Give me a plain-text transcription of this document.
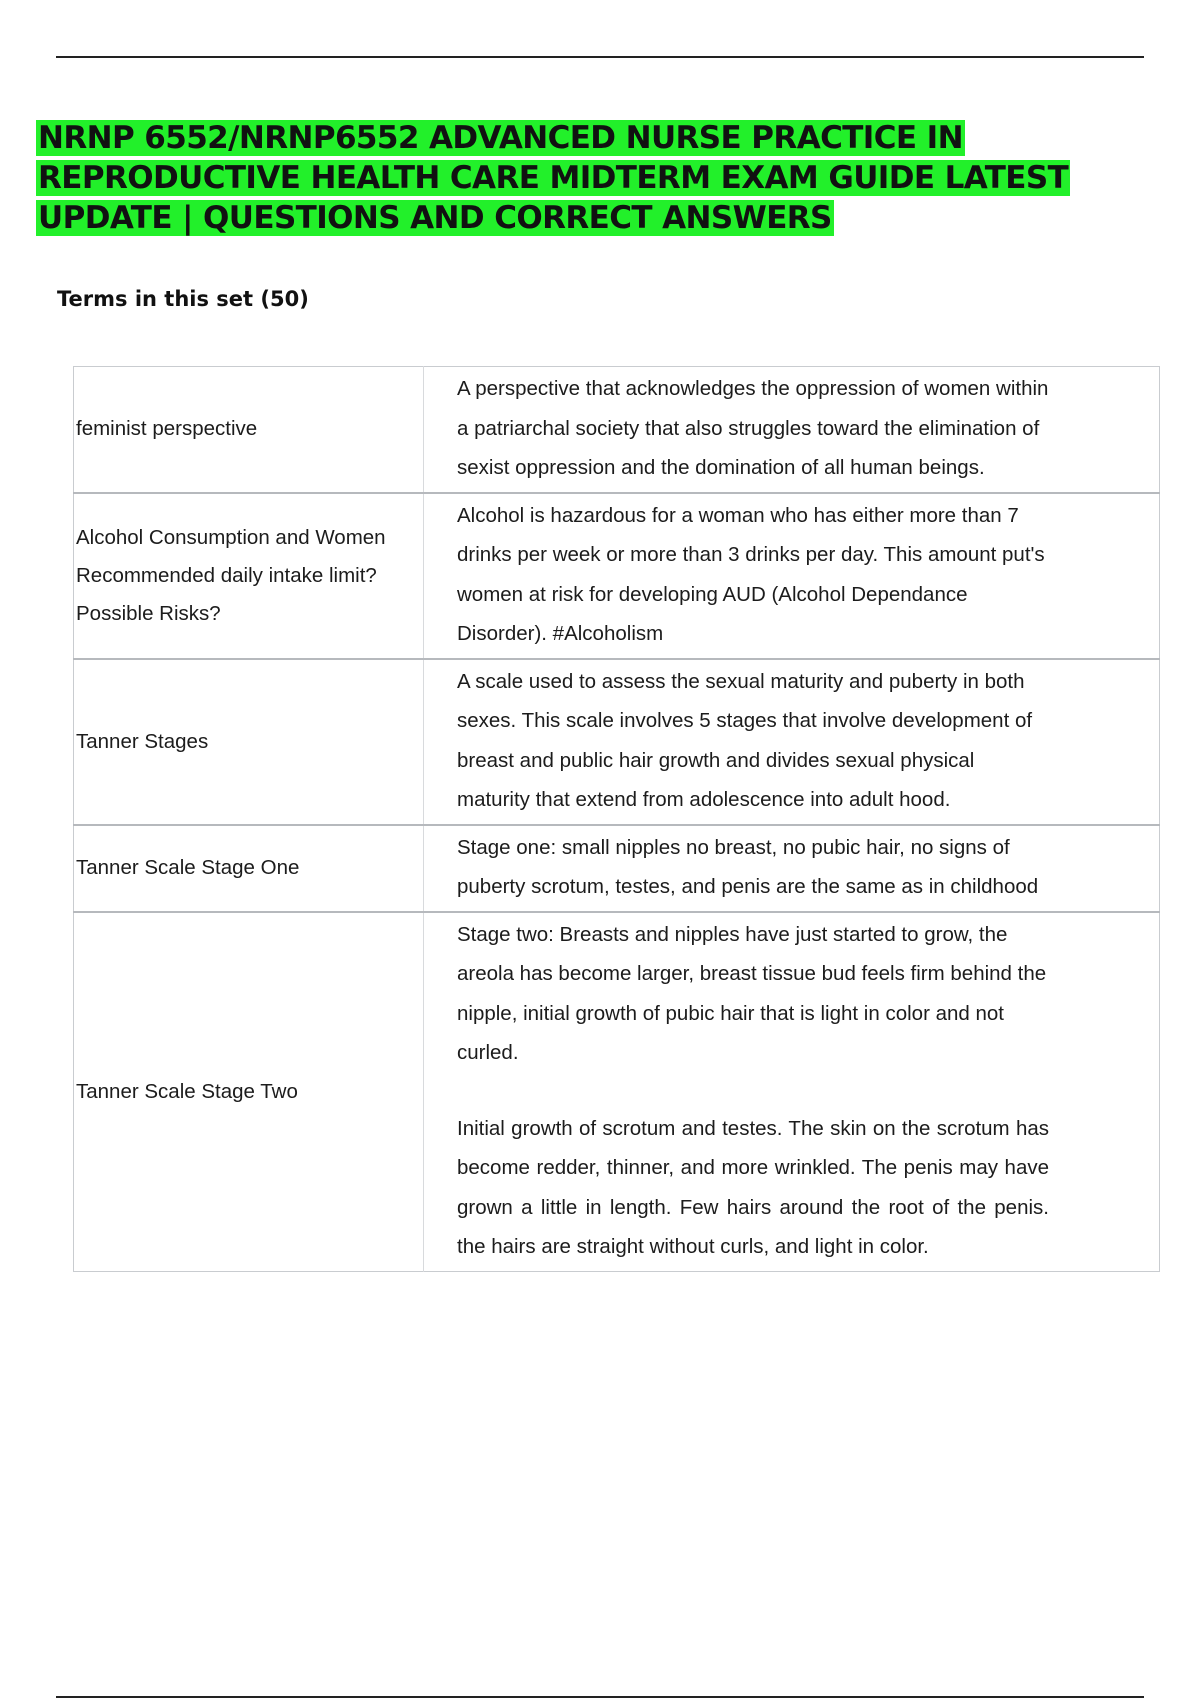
NRNP 6552/NRNP6552 ADVANCED NURSE PRACTICE IN REPRODUCTIVE HEALTH CARE MIDTERM EXAM GUIDE LATEST UPDATE | QUESTIONS AND CORRECT ANSWERS

Terms in this set (50)

feminist perspective	A perspective that acknowledges the oppression of women within a patriarchal society that also struggles toward the elimination of sexist oppression and the domination of all human beings.
Alcohol Consumption and Women Recommended daily intake limit? Possible Risks?	Alcohol is hazardous for a woman who has either more than 7 drinks per week or more than 3 drinks per day. This amount put's women at risk for developing AUD (Alcohol Dependance Disorder). #Alcoholism
Tanner Stages	A scale used to assess the sexual maturity and puberty in both sexes. This scale involves 5 stages that involve development of breast and public hair growth and divides sexual physical maturity that extend from adolescence into adult hood.
Tanner Scale Stage One	Stage one: small nipples no breast, no pubic hair, no signs of puberty scrotum, testes, and penis are the same as in childhood
Tanner Scale Stage Two	Stage two: Breasts and nipples have just started to grow, the areola has become larger, breast tissue bud feels firm behind the nipple, initial growth of pubic hair that is light in color and not curled.

Initial growth of scrotum and testes. The skin on the scrotum has become redder, thinner, and more wrinkled. The penis may have grown a little in length. Few hairs around the root of the penis. the hairs are straight without curls, and light in color.
